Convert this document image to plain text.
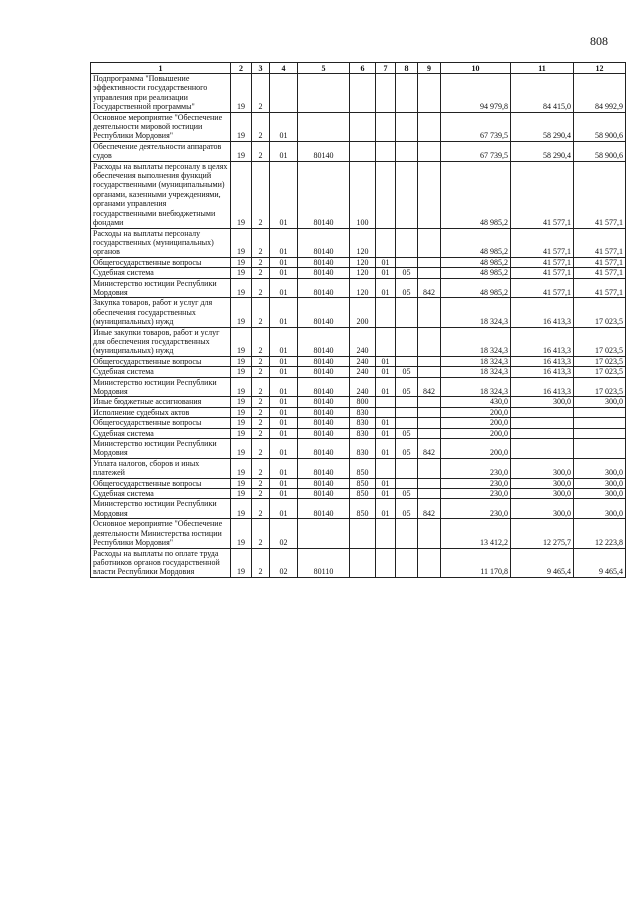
808
1	2	3	4	5	6	7	8	9	10	11	12
Подпрограмма "Повышение эффективности государственного управления при реализации Государственной программы"	19	2							94 979,8	84 415,0	84 992,9
Основное мероприятие "Обеспечение деятельности мировой юстиции Республики Мордовия"	19	2	01						67 739,5	58 290,4	58 900,6
Обеспечение деятельности аппаратов судов	19	2	01	80140					67 739,5	58 290,4	58 900,6
Расходы на выплаты персоналу в целях обеспечения выполнения функций государственными (муниципальными) органами, казенными учреждениями, органами управления государственными внебюджетными фондами	19	2	01	80140	100				48 985,2	41 577,1	41 577,1
Расходы на выплаты персоналу государственных (муниципальных) органов	19	2	01	80140	120				48 985,2	41 577,1	41 577,1
Общегосударственные вопросы	19	2	01	80140	120	01			48 985,2	41 577,1	41 577,1
Судебная система	19	2	01	80140	120	01	05		48 985,2	41 577,1	41 577,1
Министерство юстиции Республики Мордовия	19	2	01	80140	120	01	05	842	48 985,2	41 577,1	41 577,1
Закупка товаров, работ и услуг для обеспечения государственных (муниципальных) нужд	19	2	01	80140	200				18 324,3	16 413,3	17 023,5
Иные закупки товаров, работ и услуг для обеспечения государственных (муниципальных) нужд	19	2	01	80140	240				18 324,3	16 413,3	17 023,5
Общегосударственные вопросы	19	2	01	80140	240	01			18 324,3	16 413,3	17 023,5
Судебная система	19	2	01	80140	240	01	05		18 324,3	16 413,3	17 023,5
Министерство юстиции Республики Мордовия	19	2	01	80140	240	01	05	842	18 324,3	16 413,3	17 023,5
Иные бюджетные ассигнования	19	2	01	80140	800				430,0	300,0	300,0
Исполнение судебных актов	19	2	01	80140	830				200,0		
Общегосударственные вопросы	19	2	01	80140	830	01			200,0		
Судебная система	19	2	01	80140	830	01	05		200,0		
Министерство юстиции Республики Мордовия	19	2	01	80140	830	01	05	842	200,0		
Уплата налогов, сборов и иных платежей	19	2	01	80140	850				230,0	300,0	300,0
Общегосударственные вопросы	19	2	01	80140	850	01			230,0	300,0	300,0
Судебная система	19	2	01	80140	850	01	05		230,0	300,0	300,0
Министерство юстиции Республики Мордовия	19	2	01	80140	850	01	05	842	230,0	300,0	300,0
Основное мероприятие "Обеспечение деятельности Министерства юстиции Республики Мордовия"	19	2	02						13 412,2	12 275,7	12 223,8
Расходы на выплаты по оплате труда работников органов государственной власти Республики Мордовия	19	2	02	80110					11 170,8	9 465,4	9 465,4
